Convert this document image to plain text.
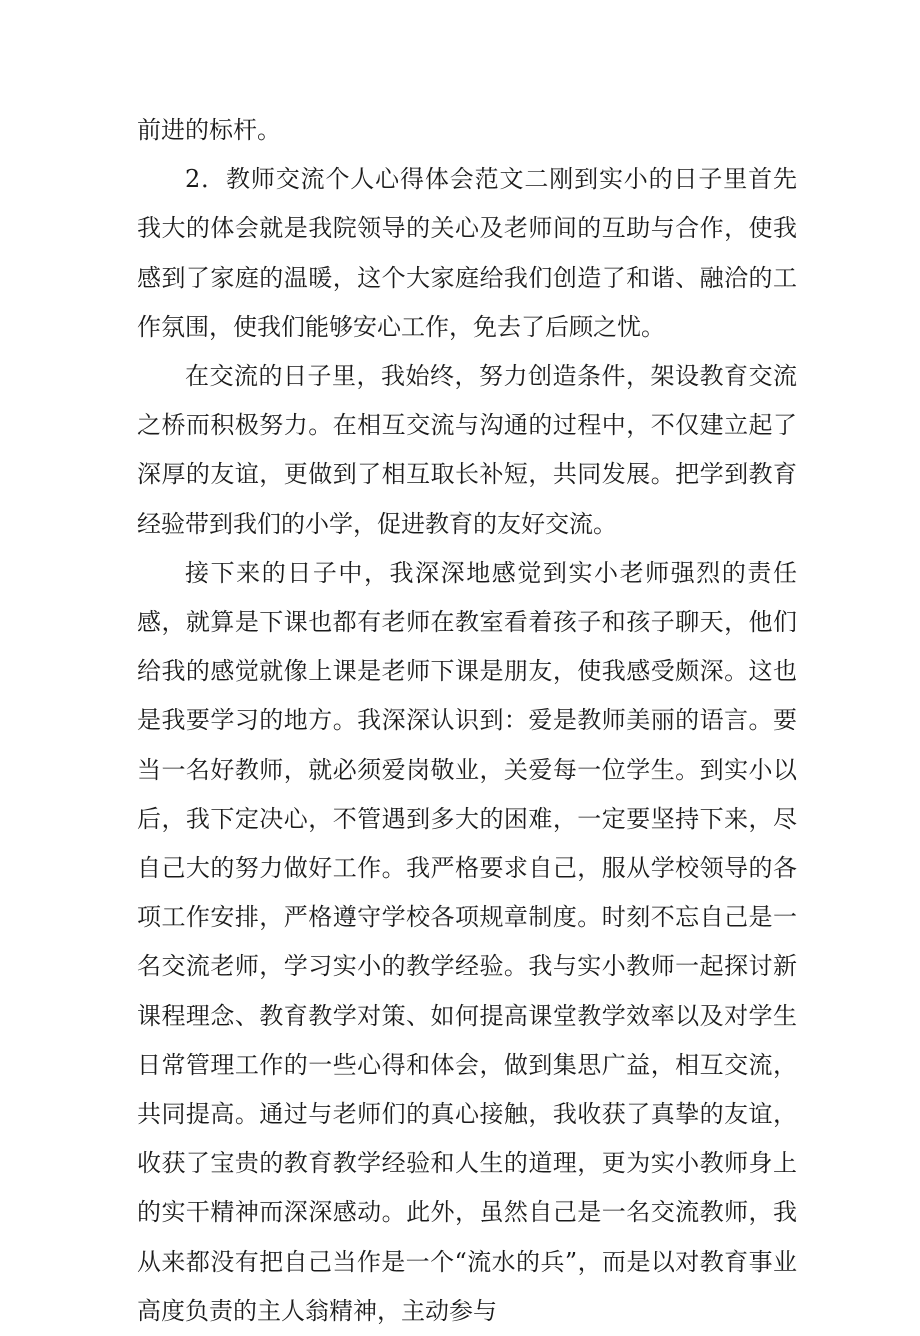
前进的标杆。

2．教师交流个人心得体会范文二刚到实小的日子里首先我大的体会就是我院领导的关心及老师间的互助与合作，使我感到了家庭的温暖，这个大家庭给我们创造了和谐、融洽的工作氛围，使我们能够安心工作，免去了后顾之忧。

在交流的日子里，我始终，努力创造条件，架设教育交流之桥而积极努力。在相互交流与沟通的过程中，不仅建立起了深厚的友谊，更做到了相互取长补短，共同发展。把学到教育经验带到我们的小学，促进教育的友好交流。

接下来的日子中，我深深地感觉到实小老师强烈的责任感，就算是下课也都有老师在教室看着孩子和孩子聊天，他们给我的感觉就像上课是老师下课是朋友，使我感受颇深。这也是我要学习的地方。我深深认识到：爱是教师美丽的语言。要当一名好教师，就必须爱岗敬业，关爱每一位学生。到实小以后，我下定决心，不管遇到多大的困难，一定要坚持下来，尽自己大的努力做好工作。我严格要求自己，服从学校领导的各项工作安排，严格遵守学校各项规章制度。时刻不忘自己是一名交流老师，学习实小的教学经验。我与实小教师一起探讨新课程理念、教育教学对策、如何提高课堂教学效率以及对学生日常管理工作的一些心得和体会，做到集思广益，相互交流，共同提高。通过与老师们的真心接触，我收获了真挚的友谊，收获了宝贵的教育教学经验和人生的道理，更为实小教师身上的实干精神而深深感动。此外，虽然自己是一名交流教师，我从来都没有把自己当作是一个“流水的兵”，而是以对教育事业高度负责的主人翁精神，主动参与
